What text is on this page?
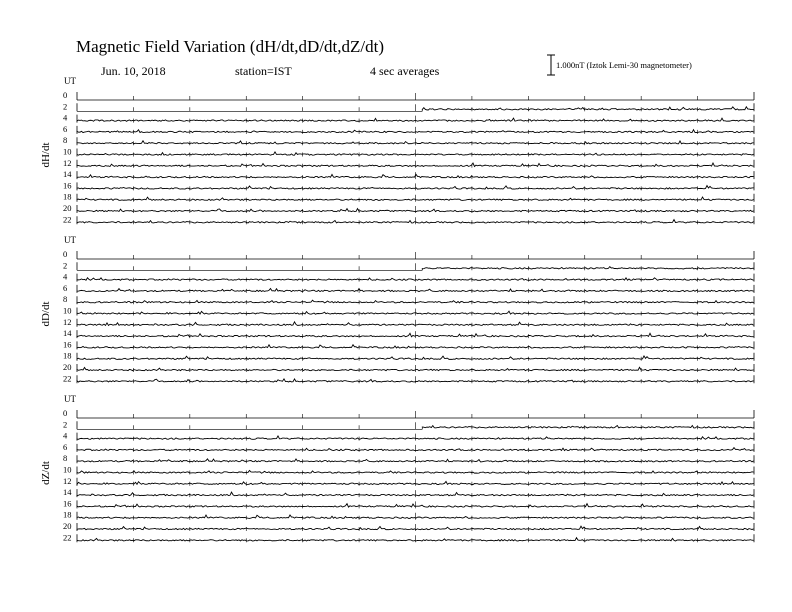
Magnetic Field Variation (dH/dt,dD/dt,dZ/dt)
Jun. 10, 2018	station=IST	4 sec averages	1.000nT (Iztok Lemi-30 magnetometer)
UT
dH/dt
0
2
4
6
8
10
12
14
16
18
20
22
UT
dD/dt
0
2
4
6
8
10
12
14
16
18
20
22
UT
dZ/dt
0
2
4
6
8
10
12
14
16
18
20
22
